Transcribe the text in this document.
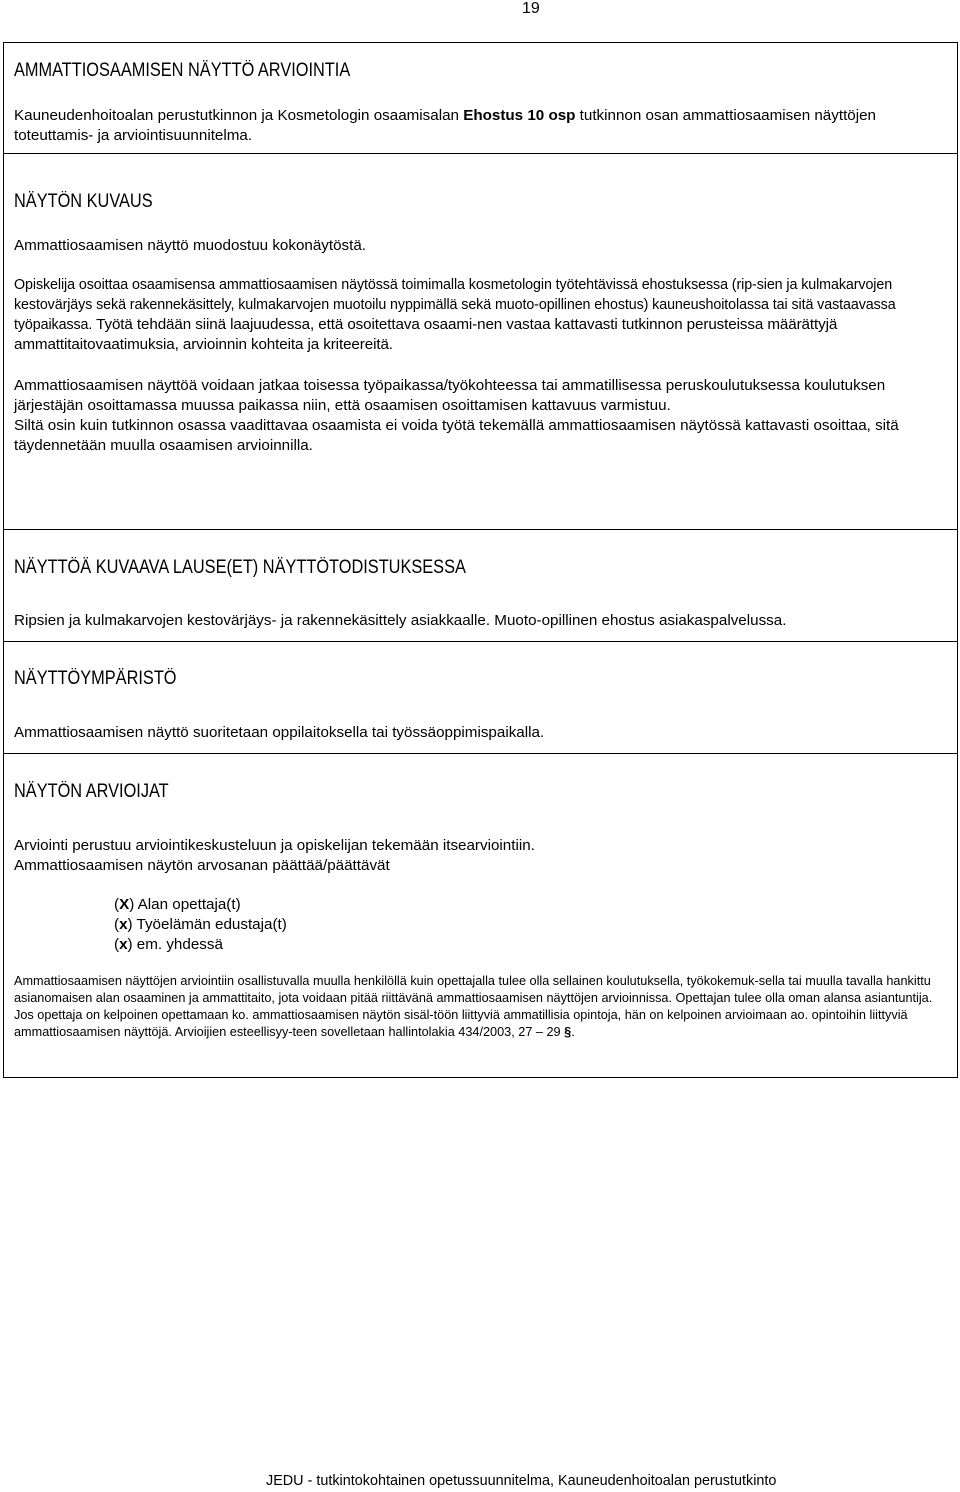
19
AMMATTIOSAAMISEN NÄYTTÖ ARVIOINTIA

Kauneudenhoitoalan perustutkinnon ja Kosmetologin osaamisalan Ehostus 10 osp tutkinnon osan ammattiosaamisen näyttöjen toteuttamis- ja arviointisuunnitelma.

NÄYTÖN KUVAUS

Ammattiosaamisen näyttö muodostuu kokonäytöstä.

Opiskelija osoittaa osaamisensa ammattiosaamisen näytössä toimimalla kosmetologin työtehtävissä ehostuksessa (rip-sien ja kulmakarvojen kestovärjäys sekä rakennekäsittely, kulmakarvojen muotoilu nyppimällä sekä muoto-opillinen ehostus) kauneushoitolassa tai sitä vastaavassa työpaikassa. Työtä tehdään siinä laajuudessa, että osoitettava osaami-nen vastaa kattavasti tutkinnon perusteissa määrättyjä ammattitaitovaatimuksia, arvioinnin kohteita ja kriteereitä.

Ammattiosaamisen näyttöä voidaan jatkaa toisessa työpaikassa/työkohteessa tai ammatillisessa peruskoulutuksessa koulutuksen järjestäjän osoittamassa muussa paikassa niin, että osaamisen osoittamisen kattavuus varmistuu.

Siltä osin kuin tutkinnon osassa vaadittavaa osaamista ei voida työtä tekemällä ammattiosaamisen näytössä kattavasti osoittaa, sitä täydennetään muulla osaamisen arvioinnilla.

NÄYTTÖÄ KUVAAVA LAUSE(ET) NÄYTTÖTODISTUKSESSA

Ripsien ja kulmakarvojen kestovärjäys- ja rakennekäsittely asiakkaalle. Muoto-opillinen ehostus asiakaspalvelussa.

NÄYTTÖYMPÄRISTÖ

Ammattiosaamisen näyttö suoritetaan oppilaitoksella tai työssäoppimispaikalla.

NÄYTÖN ARVIOIJAT

Arviointi perustuu arviointikeskusteluun ja opiskelijan tekemään itsearviointiin.

Ammattiosaamisen näytön arvosanan päättää/päättävät

(X) Alan opettaja(t)
(x) Työelämän edustaja(t)
(x) em. yhdessä

Ammattiosaamisen näyttöjen arviointiin osallistuvalla muulla henkilöllä kuin opettajalla tulee olla sellainen koulutuksella, työkokemuk-sella tai muulla tavalla hankittu asianomaisen alan osaaminen ja ammattitaito, jota voidaan pitää riittävänä ammattiosaamisen näyttöjen arvioinnissa. Opettajan tulee olla oman alansa asiantuntija. Jos opettaja on kelpoinen opettamaan ko. ammattiosaamisen näytön sisäl-töön liittyviä ammatillisia opintoja, hän on kelpoinen arvioimaan ao. opintoihin liittyviä ammattiosaamisen näyttöjä. Arvioijien esteellisyy-teen sovelletaan hallintolakia 434/2003, 27 – 29 §.

JEDU - tutkintokohtainen opetussuunnitelma, Kauneudenhoitoalan perustutkinto
